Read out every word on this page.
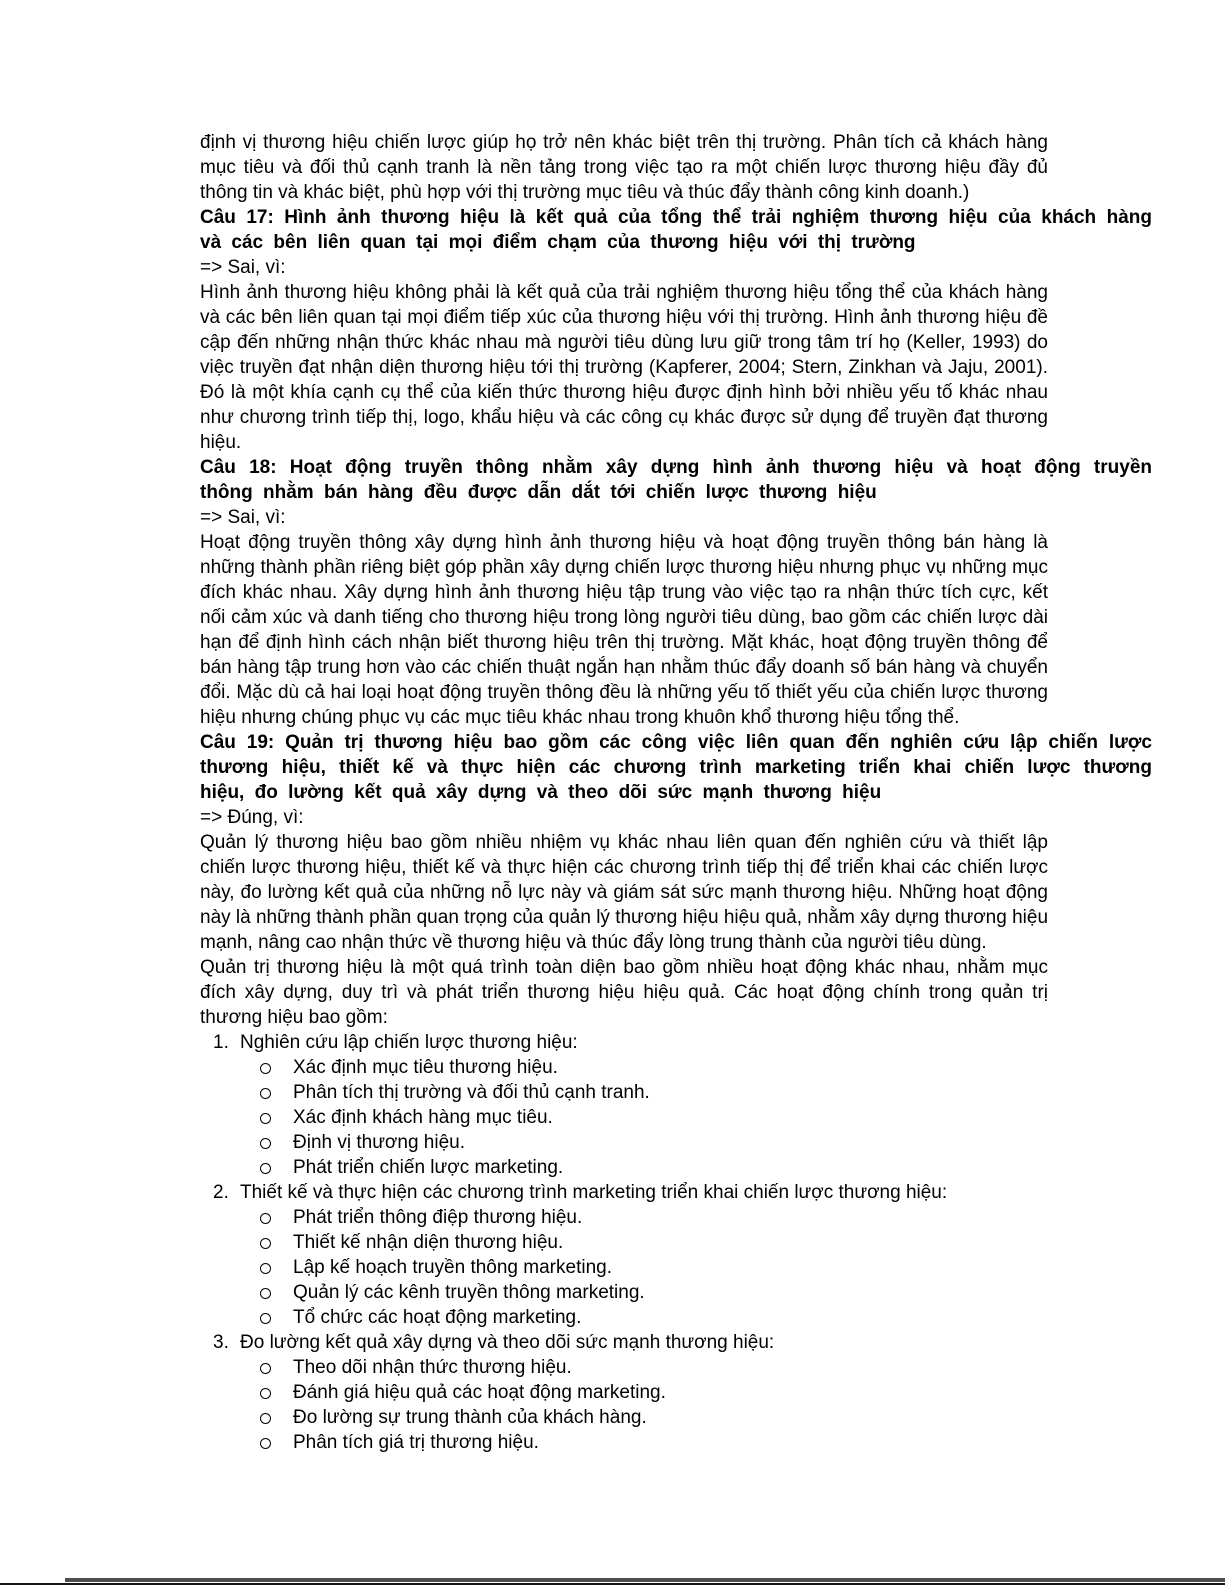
định vị thương hiệu chiến lược giúp họ trở nên khác biệt trên thị trường. Phân tích cả khách hàng mục tiêu và đối thủ cạnh tranh là nền tảng trong việc tạo ra một chiến lược thương hiệu đầy đủ thông tin và khác biệt, phù hợp với thị trường mục tiêu và thúc đẩy thành công kinh doanh.)

Câu 17: Hình ảnh thương hiệu là kết quả của tổng thể trải nghiệm thương hiệu của khách hàng và các bên liên quan tại mọi điểm chạm của thương hiệu với thị trường

=> Sai, vì:

Hình ảnh thương hiệu không phải là kết quả của trải nghiệm thương hiệu tổng thể của khách hàng và các bên liên quan tại mọi điểm tiếp xúc của thương hiệu với thị trường. Hình ảnh thương hiệu đề cập đến những nhận thức khác nhau mà người tiêu dùng lưu giữ trong tâm trí họ (Keller, 1993) do việc truyền đạt nhận diện thương hiệu tới thị trường (Kapferer, 2004; Stern, Zinkhan và Jaju, 2001). Đó là một khía cạnh cụ thể của kiến thức thương hiệu được định hình bởi nhiều yếu tố khác nhau như chương trình tiếp thị, logo, khẩu hiệu và các công cụ khác được sử dụng để truyền đạt thương hiệu.

Câu 18: Hoạt động truyền thông nhằm xây dựng hình ảnh thương hiệu và hoạt động truyền thông nhằm bán hàng đều được dẫn dắt tới chiến lược thương hiệu

=> Sai, vì:

Hoạt động truyền thông xây dựng hình ảnh thương hiệu và hoạt động truyền thông bán hàng là những thành phần riêng biệt góp phần xây dựng chiến lược thương hiệu nhưng phục vụ những mục đích khác nhau. Xây dựng hình ảnh thương hiệu tập trung vào việc tạo ra nhận thức tích cực, kết nối cảm xúc và danh tiếng cho thương hiệu trong lòng người tiêu dùng, bao gồm các chiến lược dài hạn để định hình cách nhận biết thương hiệu trên thị trường. Mặt khác, hoạt động truyền thông để bán hàng tập trung hơn vào các chiến thuật ngắn hạn nhằm thúc đẩy doanh số bán hàng và chuyển đổi. Mặc dù cả hai loại hoạt động truyền thông đều là những yếu tố thiết yếu của chiến lược thương hiệu nhưng chúng phục vụ các mục tiêu khác nhau trong khuôn khổ thương hiệu tổng thể.

Câu 19: Quản trị thương hiệu bao gồm các công việc liên quan đến nghiên cứu lập chiến lược thương hiệu, thiết kế và thực hiện các chương trình marketing triển khai chiến lược thương hiệu, đo lường kết quả xây dựng và theo dõi sức mạnh thương hiệu

=> Đúng, vì:

Quản lý thương hiệu bao gồm nhiều nhiệm vụ khác nhau liên quan đến nghiên cứu và thiết lập chiến lược thương hiệu, thiết kế và thực hiện các chương trình tiếp thị để triển khai các chiến lược này, đo lường kết quả của những nỗ lực này và giám sát sức mạnh thương hiệu. Những hoạt động này là những thành phần quan trọng của quản lý thương hiệu hiệu quả, nhằm xây dựng thương hiệu mạnh, nâng cao nhận thức về thương hiệu và thúc đẩy lòng trung thành của người tiêu dùng.

Quản trị thương hiệu là một quá trình toàn diện bao gồm nhiều hoạt động khác nhau, nhằm mục đích xây dựng, duy trì và phát triển thương hiệu hiệu quả. Các hoạt động chính trong quản trị thương hiệu bao gồm:

1. Nghiên cứu lập chiến lược thương hiệu:
Xác định mục tiêu thương hiệu.
Phân tích thị trường và đối thủ cạnh tranh.
Xác định khách hàng mục tiêu.
Định vị thương hiệu.
Phát triển chiến lược marketing.
2. Thiết kế và thực hiện các chương trình marketing triển khai chiến lược thương hiệu:
Phát triển thông điệp thương hiệu.
Thiết kế nhận diện thương hiệu.
Lập kế hoạch truyền thông marketing.
Quản lý các kênh truyền thông marketing.
Tổ chức các hoạt động marketing.
3. Đo lường kết quả xây dựng và theo dõi sức mạnh thương hiệu:
Theo dõi nhận thức thương hiệu.
Đánh giá hiệu quả các hoạt động marketing.
Đo lường sự trung thành của khách hàng.
Phân tích giá trị thương hiệu.
